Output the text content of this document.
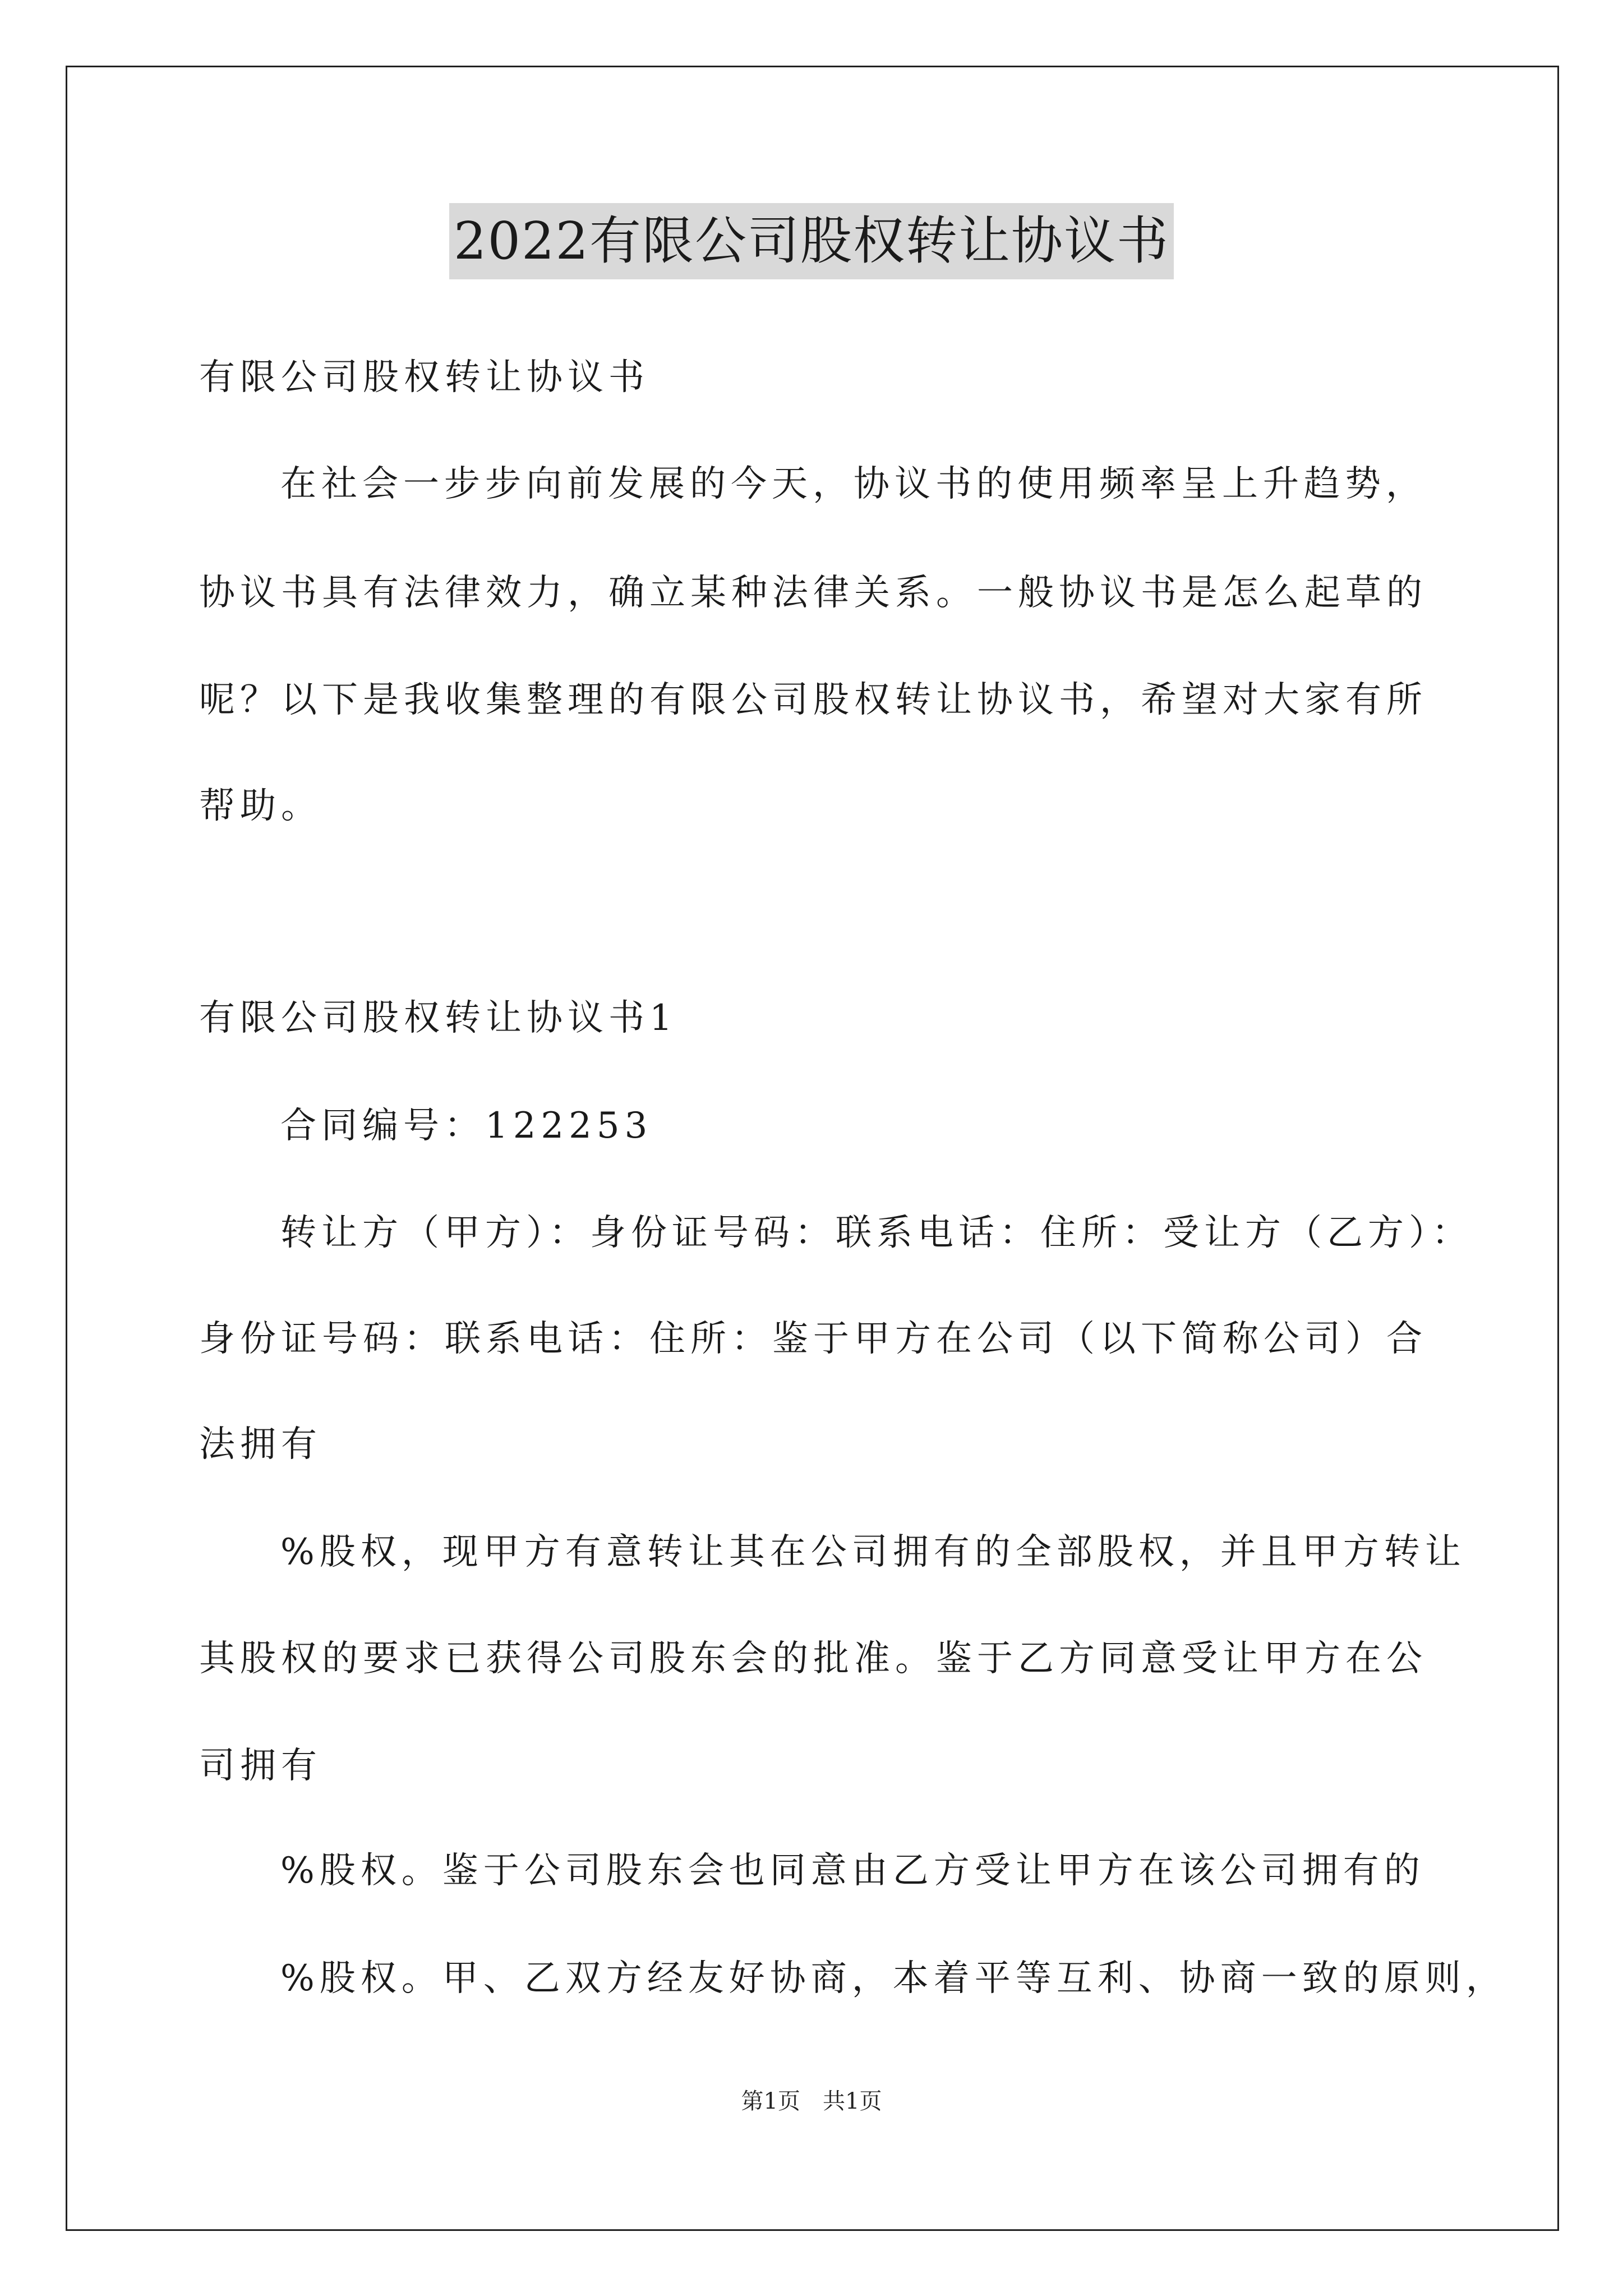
2022有限公司股权转让协议书
有限公司股权转让协议书
在社会一步步向前发展的今天，协议书的使用频率呈上升趋势，
协议书具有法律效力，确立某种法律关系。一般协议书是怎么起草的
呢？以下是我收集整理的有限公司股权转让协议书，希望对大家有所
帮助。
有限公司股权转让协议书1
合同编号：122253
转让方（甲方）：身份证号码：联系电话：住所：受让方（乙方）：
身份证号码：联系电话：住所：鉴于甲方在公司（以下简称公司）合
法拥有
%股权，现甲方有意转让其在公司拥有的全部股权，并且甲方转让
其股权的要求已获得公司股东会的批准。鉴于乙方同意受让甲方在公
司拥有
%股权。鉴于公司股东会也同意由乙方受让甲方在该公司拥有的
%股权。甲、乙双方经友好协商，本着平等互利、协商一致的原则，
第1页 共1页
